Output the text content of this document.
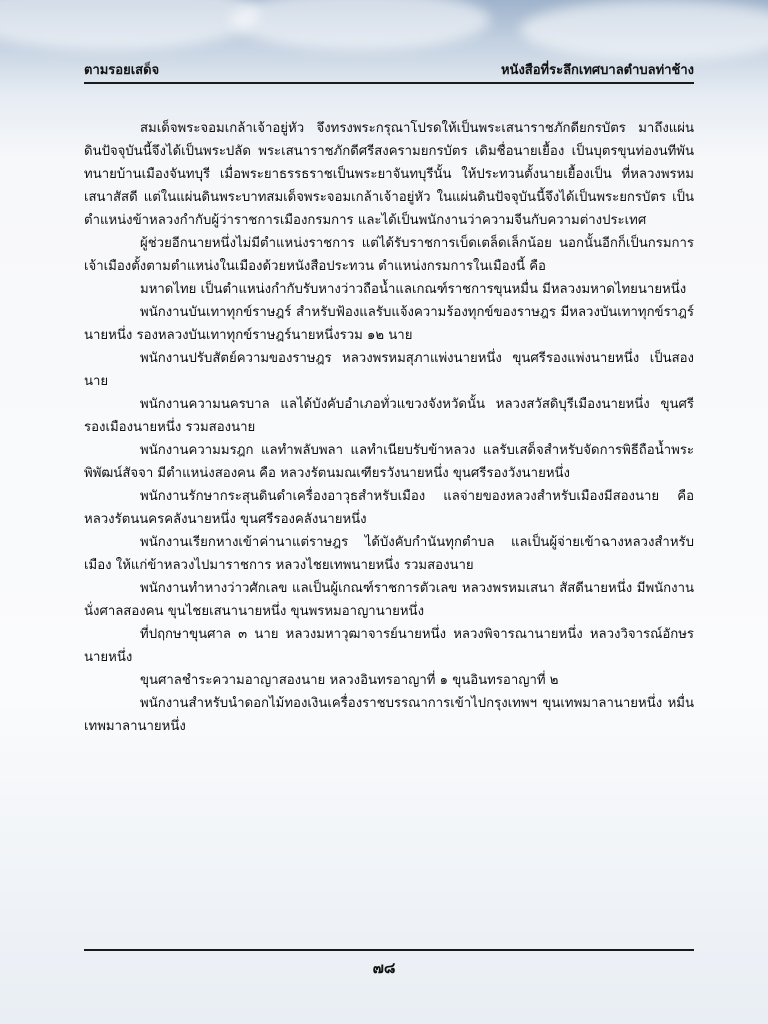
ตามรอยเสด็จ	หนังสือที่ระลึกเทศบาลตำบลท่าช้าง

สมเด็จพระจอมเกล้าเจ้าอยู่หัว จึงทรงพระกรุณาโปรดให้เป็นพระเสนาราชภักดียกรบัตร มาถึงแผ่นดินปัจจุบันนี้จึงได้เป็นพระปลัด พระเสนาราชภักดีศรีสงครามยกรบัตร เดิมชื่อนายเยื้อง เป็นบุตรขุนท่องนทีพันทนายบ้านเมืองจันทบุรี เมื่อพระยาธรรธราชเป็นพระยาจันทบุรีนั้น ให้ประทวนตั้งนายเยื้องเป็น ที่หลวงพรหมเสนาสัสดี แต่ในแผ่นดินพระบาทสมเด็จพระจอมเกล้าเจ้าอยู่หัว ในแผ่นดินปัจจุบันนี้จึงได้เป็นพระยกรบัตร เป็นตำแหน่งข้าหลวงกำกับผู้ว่าราชการเมืองกรมการ และได้เป็นพนักงานว่าความจีนกับความต่างประเทศ

ผู้ช่วยอีกนายหนึ่งไม่มีตำแหน่งราชการ แต่ได้รับราชการเบ็ดเตล็ดเล็กน้อย นอกนั้นอีกก็เป็นกรมการเจ้าเมืองตั้งตามตำแหน่งในเมืองด้วยหนังสือประทวน ตำแหน่งกรมการในเมืองนี้ คือ

มหาดไทย เป็นตำแหน่งกำกับรับหางว่าวถือน้ำแลเกณฑ์ราชการขุนหมื่น มีหลวงมหาดไทยนายหนึ่ง

พนักงานบันเทาทุกข์ราษฎร์ สำหรับฟ้องแลรับแจ้งความร้องทุกข์ของราษฎร มีหลวงบันเทาทุกข์ราฎร์นายหนึ่ง รองหลวงบันเทาทุกข์ราษฎร์นายหนึ่งรวม ๑๒ นาย

พนักงานปรับสัตย์ความของราษฎร หลวงพรหมสุภาแพ่งนายหนึ่ง ขุนศรีรองแพ่งนายหนึ่ง เป็นสองนาย

พนักงานความนครบาล แลได้บังคับอำเภอทั่วแขวงจังหวัดนั้น หลวงสวัสดิบุรีเมืองนายหนึ่ง ขุนศรีรองเมืองนายหนึ่ง รวมสองนาย

พนักงานความมรฎก แลทำพลับพลา แลทำเนียบรับข้าหลวง แลรับเสด็จสำหรับจัดการพิธีถือน้ำพระพิพัฒน์สัจจา มีตำแหน่งสองคน คือ หลวงรัตนมณเฑียรวังนายหนึ่ง ขุนศรีรองวังนายหนึ่ง

พนักงานรักษากระสุนดินดำเครื่องอาวุธสำหรับเมือง แลจ่ายของหลวงสำหรับเมืองมีสองนาย คือ หลวงรัตนนครคลังนายหนึ่ง ขุนศรีรองคลังนายหนึ่ง

พนักงานเรียกหางเข้าค่านาแต่ราษฎร ได้บังคับกำนันทุกตำบล แลเป็นผู้จ่ายเข้าฉางหลวงสำหรับเมือง ให้แก่ข้าหลวงไปมาราชการ หลวงไชยเทพนายหนึ่ง รวมสองนาย

พนักงานทำหางว่าวศักเลข แลเป็นผู้เกณฑ์ราชการตัวเลข หลวงพรหมเสนา สัสดีนายหนึ่ง มีพนักงานนั่งศาลสองคน ขุนไชยเสนานายหนึ่ง ขุนพรหมอาญานายหนึ่ง

ที่ปฤกษาขุนศาล ๓ นาย หลวงมหาวุฒาจารย์นายหนึ่ง หลวงพิจารณานายหนึ่ง หลวงวิจารณ์อักษรนายหนึ่ง

ขุนศาลชำระความอาญาสองนาย หลวงอินทรอาญาที่ ๑ ขุนอินทรอาญาที่ ๒

พนักงานสำหรับนำดอกไม้ทองเงินเครื่องราชบรรณาการเข้าไปกรุงเทพฯ ขุนเทพมาลานายหนึ่ง หมื่นเทพมาลานายหนึ่ง

๗๘
